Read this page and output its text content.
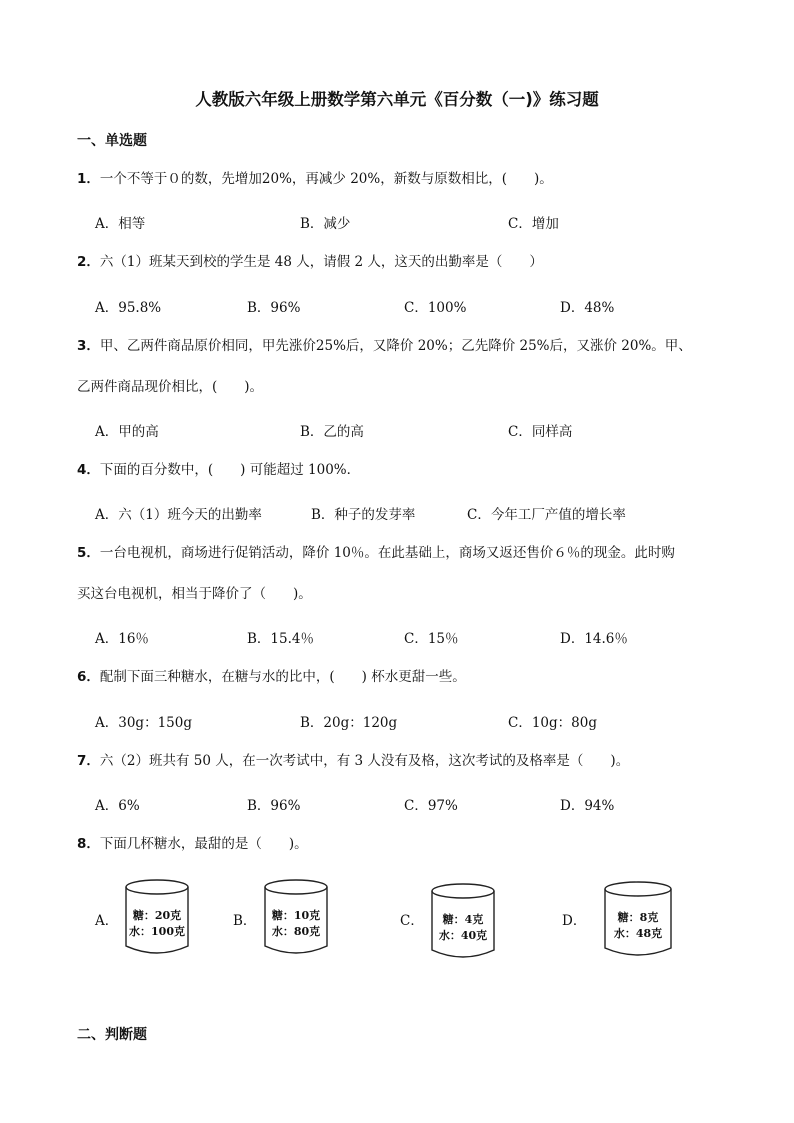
人教版六年级上册数学第六单元《百分数（一)》练习题
一、单选题
1．一个不等于０的数，先增加20%，再减少 20%，新数与原数相比，(　　)。
A．相等	B．减少	C．增加
2．六（1）班某天到校的学生是 48 人，请假 2 人，这天的出勤率是（　　）
A．95.8%	B．96%	C．100%	D．48%
3．甲、乙两件商品原价相同，甲先涨价25%后，又降价 20%；乙先降价 25%后，又涨价 20%。甲、
乙两件商品现价相比，(　　)。
A．甲的高	B．乙的高	C．同样高
4．下面的百分数中，(　　) 可能超过 100%．
A．六（1）班今天的出勤率	B．种子的发芽率	C．今年工厂产值的增长率
5．一台电视机，商场进行促销活动，降价 10％。在此基础上，商场又返还售价６％的现金。此时购
买这台电视机，相当于降价了（　　)。
A．16％	B．15.4％	C．15％	D．14.6％
6．配制下面三种糖水，在糖与水的比中，(　　) 杯水更甜一些。
A．30g：150g	B．20g：120g	C．10g：80g
7．六（2）班共有 50 人，在一次考试中，有 3 人没有及格，这次考试的及格率是（　　)。
A．6%	B．96%	C．97%	D．94%
8．下面几杯糖水，最甜的是（　　)。
A．	糖：20克
水：100克
B．	糖：10克
水：80克
C．	糖：4克
水：40克
D．	糖：8克
水：48克
二、判断题
